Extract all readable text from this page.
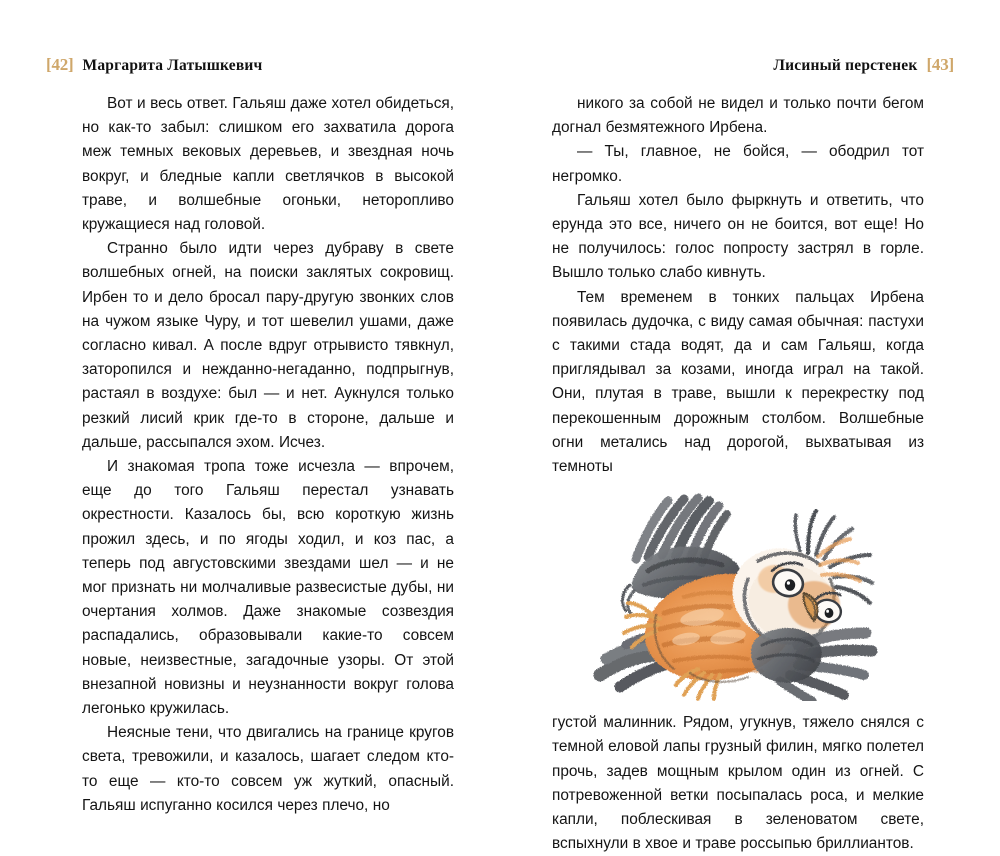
[42] Маргарита Латышкевич	Лисиный перстенек [43]

Вот и весь ответ. Гальяш даже хотел обидеться, но как-то забыл: слишком его захватила дорога меж темных вековых деревьев, и звездная ночь вокруг, и бледные капли светлячков в высокой траве, и волшебные огоньки, неторопливо кружащиеся над головой.

Странно было идти через дубраву в свете волшебных огней, на поиски заклятых сокровищ. Ирбен то и дело бросал пару-другую звонких слов на чужом языке Чуру, и тот шевелил ушами, даже согласно кивал. А после вдруг отрывисто тявкнул, заторопился и нежданно-негаданно, подпрыгнув, растаял в воздухе: был — и нет. Аукнулся только резкий лисий крик где-то в стороне, дальше и дальше, рассыпался эхом. Исчез.

И знакомая тропа тоже исчезла — впрочем, еще до того Гальяш перестал узнавать окрестности. Казалось бы, всю короткую жизнь прожил здесь, и по ягоды ходил, и коз пас, а теперь под августовскими звездами шел — и не мог признать ни молчаливые развесистые дубы, ни очертания холмов. Даже знакомые созвездия распадались, образовывали какие-то совсем новые, неизвестные, загадочные узоры. От этой внезапной новизны и неузнанности вокруг голова легонько кружилась.

Неясные тени, что двигались на границе кругов света, тревожили, и казалось, шагает следом кто-то еще — кто-то совсем уж жуткий, опасный. Гальяш испуганно косился через плечо, но

никого за собой не видел и только почти бегом догнал безмятежного Ирбена.

— Ты, главное, не бойся, — ободрил тот негромко.

Гальяш хотел было фыркнуть и ответить, что ерунда это все, ничего он не боится, вот еще! Но не получилось: голос попросту застрял в горле. Вышло только слабо кивнуть.

Тем временем в тонких пальцах Ирбена появилась дудочка, с виду самая обычная: пастухи с такими стада водят, да и сам Гальяш, когда приглядывал за козами, иногда играл на такой. Они, плутая в траве, вышли к перекрестку под перекошенным дорожным столбом. Волшебные огни метались над дорогой, выхватывая из темноты

густой малинник. Рядом, угукнув, тяжело снялся с темной еловой лапы грузный филин, мягко полетел прочь, задев мощным крылом один из огней. С потревоженной ветки посыпалась роса, и мелкие капли, поблескивая в зеленоватом свете, вспыхнули в хвое и траве россыпью бриллиантов.
